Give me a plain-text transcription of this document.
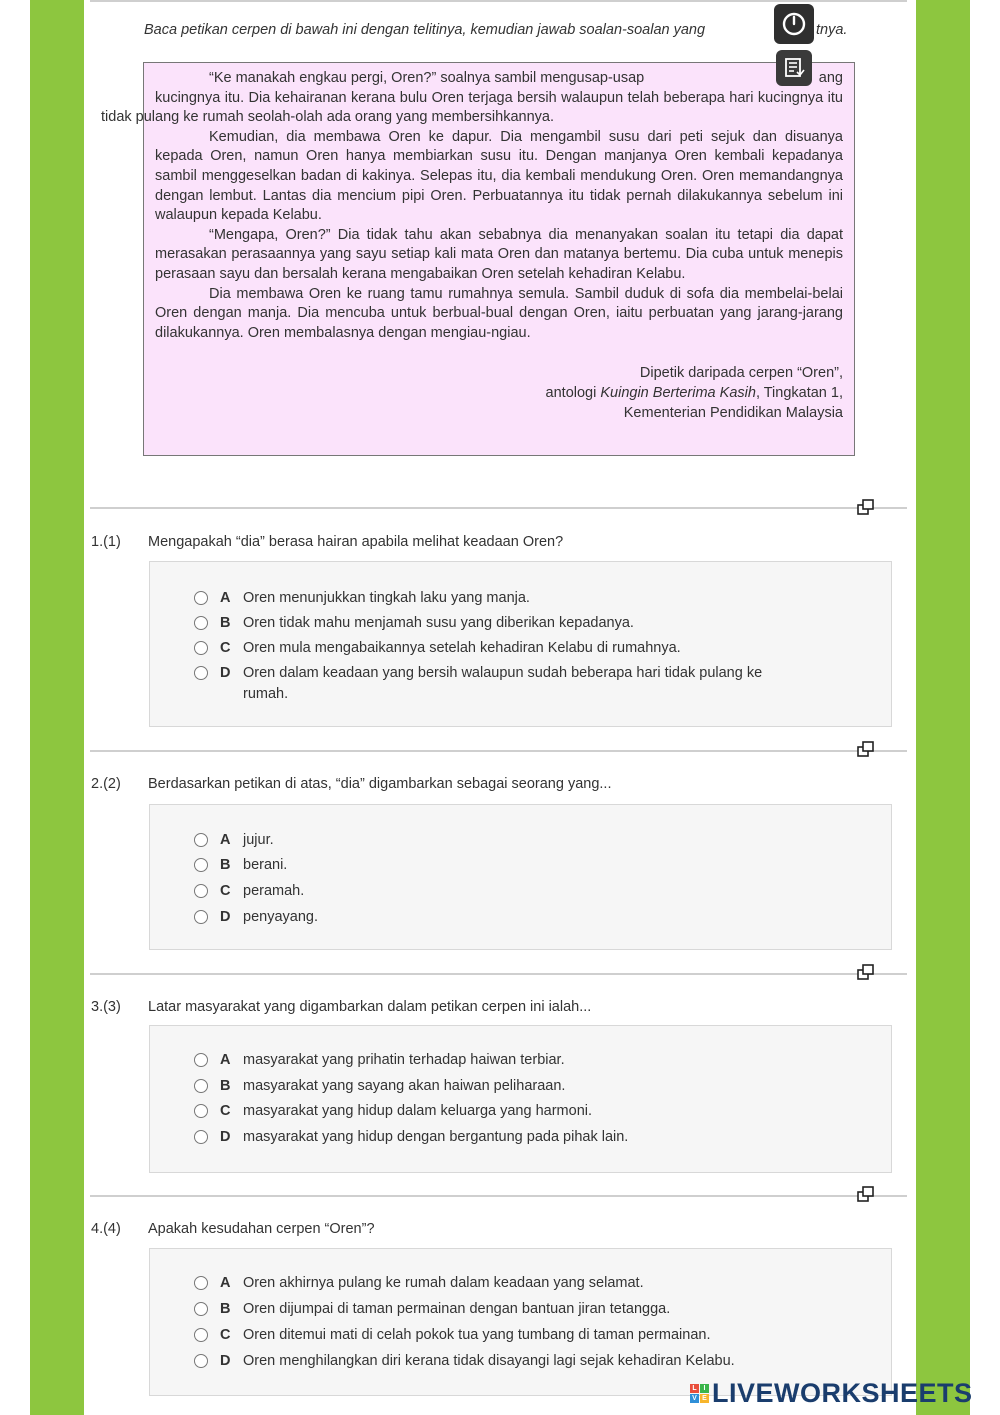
Baca petikan cerpen di bawah ini dengan telitinya, kemudian jawab soalan-soalan yang	tnya.

“Ke manakah engkau pergi, Oren?” soalnya sambil mengusap-usap	ang

kucingnya itu. Dia kehairanan kerana bulu Oren terjaga bersih walaupun telah beberapa hari kucingnya itu tidak pulang ke rumah seolah-olah ada orang yang membersihkannya.

Kemudian, dia membawa Oren ke dapur. Dia mengambil susu dari peti sejuk dan disuanya kepada Oren, namun Oren hanya membiarkan susu itu. Dengan manjanya Oren kembali kepadanya sambil menggeselkan badan di kakinya. Selepas itu, dia kembali mendukung Oren. Oren memandangnya dengan lembut. Lantas dia mencium pipi Oren. Perbuatannya itu tidak pernah dilakukannya sebelum ini walaupun kepada Kelabu.

“Mengapa, Oren?” Dia tidak tahu akan sebabnya dia menanyakan soalan itu tetapi dia dapat merasakan perasaannya yang sayu setiap kali mata Oren dan matanya bertemu. Dia cuba untuk menepis perasaan sayu dan bersalah kerana mengabaikan Oren setelah kehadiran Kelabu.

Dia membawa Oren ke ruang tamu rumahnya semula. Sambil duduk di sofa dia membelai-belai Oren dengan manja. Dia mencuba untuk berbual-bual dengan Oren, iaitu perbuatan yang jarang-jarang dilakukannya. Oren membalasnya dengan mengiau-ngiau.

Dipetik daripada cerpen “Oren”,
antologi Kuingin Berterima Kasih, Tingkatan 1,
Kementerian Pendidikan Malaysia
1.(1) Mengapakah “dia” berasa hairan apabila melihat keadaan Oren?
A Oren menunjukkan tingkah laku yang manja.
B Oren tidak mahu menjamah susu yang diberikan kepadanya.
C Oren mula mengabaikannya setelah kehadiran Kelabu di rumahnya.
D Oren dalam keadaan yang bersih walaupun sudah beberapa hari tidak pulang ke rumah.
2.(2) Berdasarkan petikan di atas, “dia” digambarkan sebagai seorang yang...
A jujur.
B berani.
C peramah.
D penyayang.
3.(3) Latar masyarakat yang digambarkan dalam petikan cerpen ini ialah...
A masyarakat yang prihatin terhadap haiwan terbiar.
B masyarakat yang sayang akan haiwan peliharaan.
C masyarakat yang hidup dalam keluarga yang harmoni.
D masyarakat yang hidup dengan bergantung pada pihak lain.
4.(4) Apakah kesudahan cerpen “Oren”?
A Oren akhirnya pulang ke rumah dalam keadaan yang selamat.
B Oren dijumpai di taman permainan dengan bantuan jiran tetangga.
C Oren ditemui mati di celah pokok tua yang tumbang di taman permainan.
D Oren menghilangkan diri kerana tidak disayangi lagi sejak kehadiran Kelabu.
L I
V E LIVEWORKSHEETS
